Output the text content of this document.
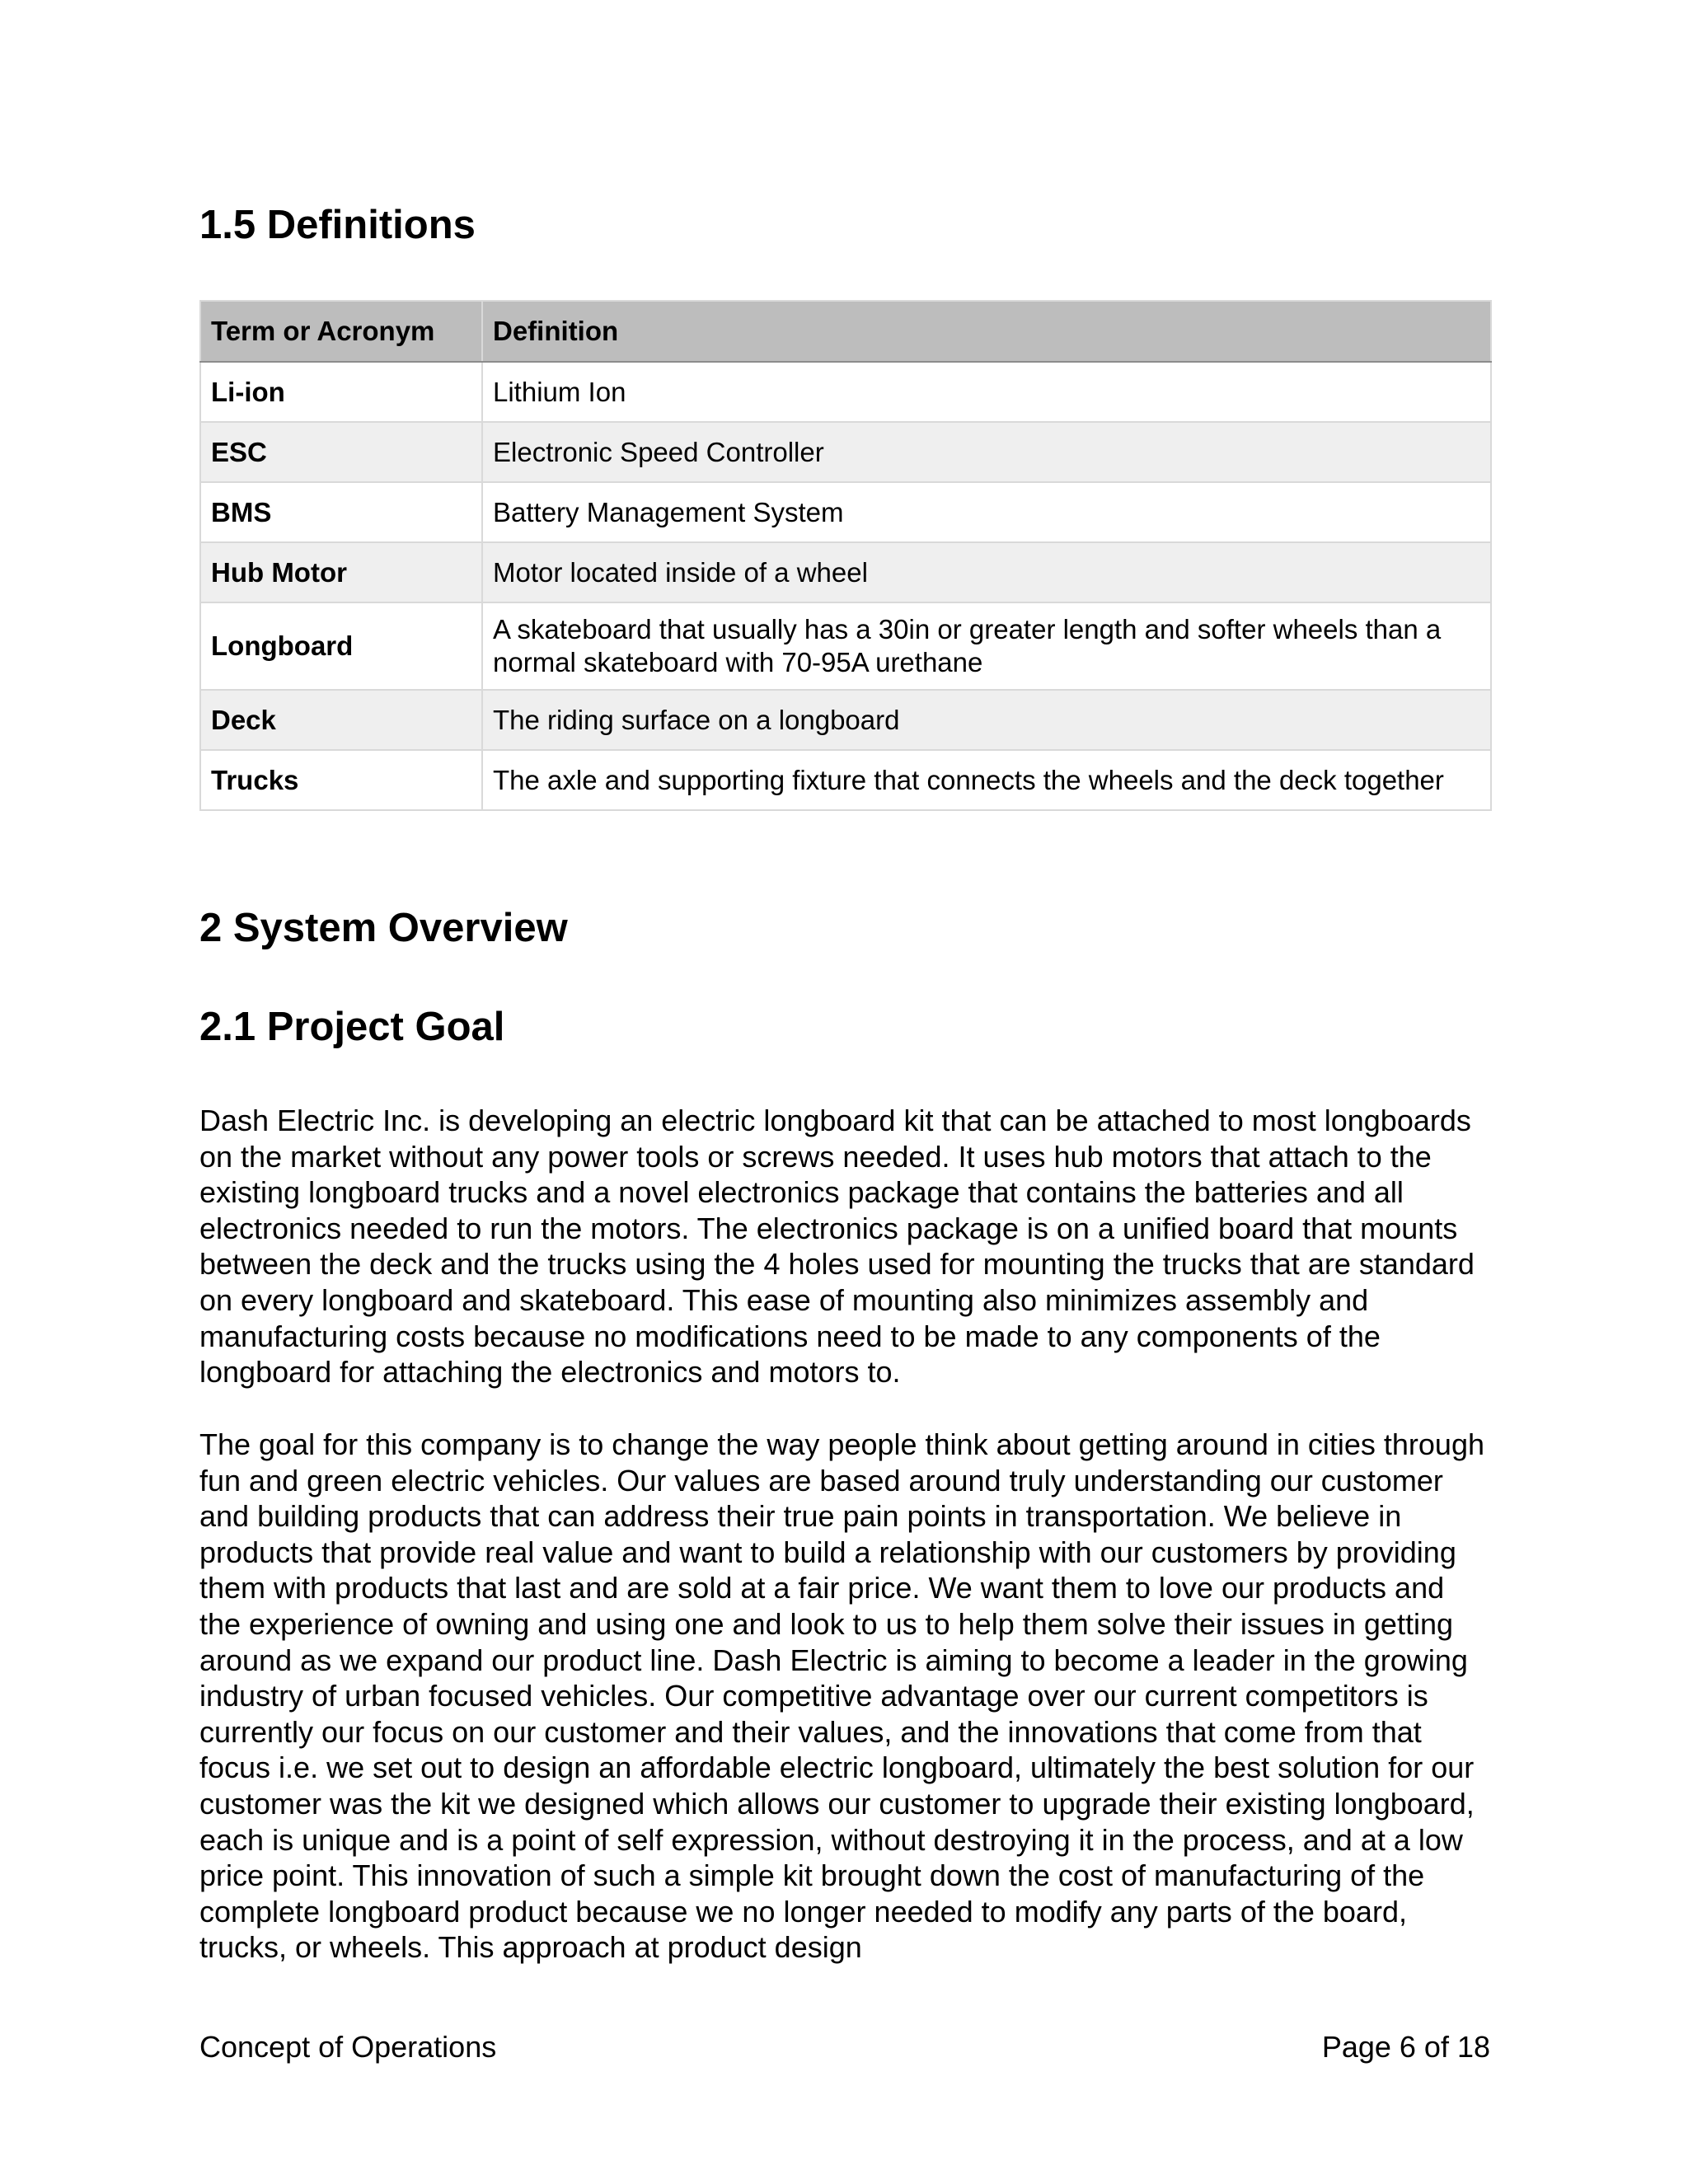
1.5 Definitions
Term or Acronym	Definition
Li-ion	Lithium Ion
ESC	Electronic Speed Controller
BMS	Battery Management System
Hub Motor	Motor located inside of a wheel
Longboard	A skateboard that usually has a 30in or greater length and softer wheels than a normal skateboard with 70-95A urethane
Deck	The riding surface on a longboard
Trucks	The axle and supporting fixture that connects the wheels and the deck together
2 System Overview
2.1 Project Goal

Dash Electric Inc. is developing an electric longboard kit that can be attached to most longboards on the market without any power tools or screws needed. It uses hub motors that attach to the existing longboard trucks and a novel electronics package that contains the batteries and all electronics needed to run the motors. The electronics package is on a unified board that mounts between the deck and the trucks using the 4 holes used for mounting the trucks that are standard on every longboard and skateboard. This ease of mounting also minimizes assembly and manufacturing costs because no modifications need to be made to any components of the longboard for attaching the electronics and motors to.

The goal for this company is to change the way people think about getting around in cities through fun and green electric vehicles. Our values are based around truly understanding our customer and building products that can address their true pain points in transportation. We believe in products that provide real value and want to build a relationship with our customers by providing them with products that last and are sold at a fair price. We want them to love our products and the experience of owning and using one and look to us to help them solve their issues in getting around as we expand our product line. Dash Electric is aiming to become a leader in the growing industry of urban focused vehicles. Our competitive advantage over our current competitors is currently our focus on our customer and their values, and the innovations that come from that focus i.e. we set out to design an affordable electric longboard, ultimately the best solution for our customer was the kit we designed which allows our customer to upgrade their existing longboard, each is unique and is a point of self expression, without destroying it in the process, and at a low price point. This innovation of such a simple kit brought down the cost of manufacturing of the complete longboard product because we no longer needed to modify any parts of the board, trucks, or wheels. This approach at product design

Concept of Operations	Page 6 of 18
